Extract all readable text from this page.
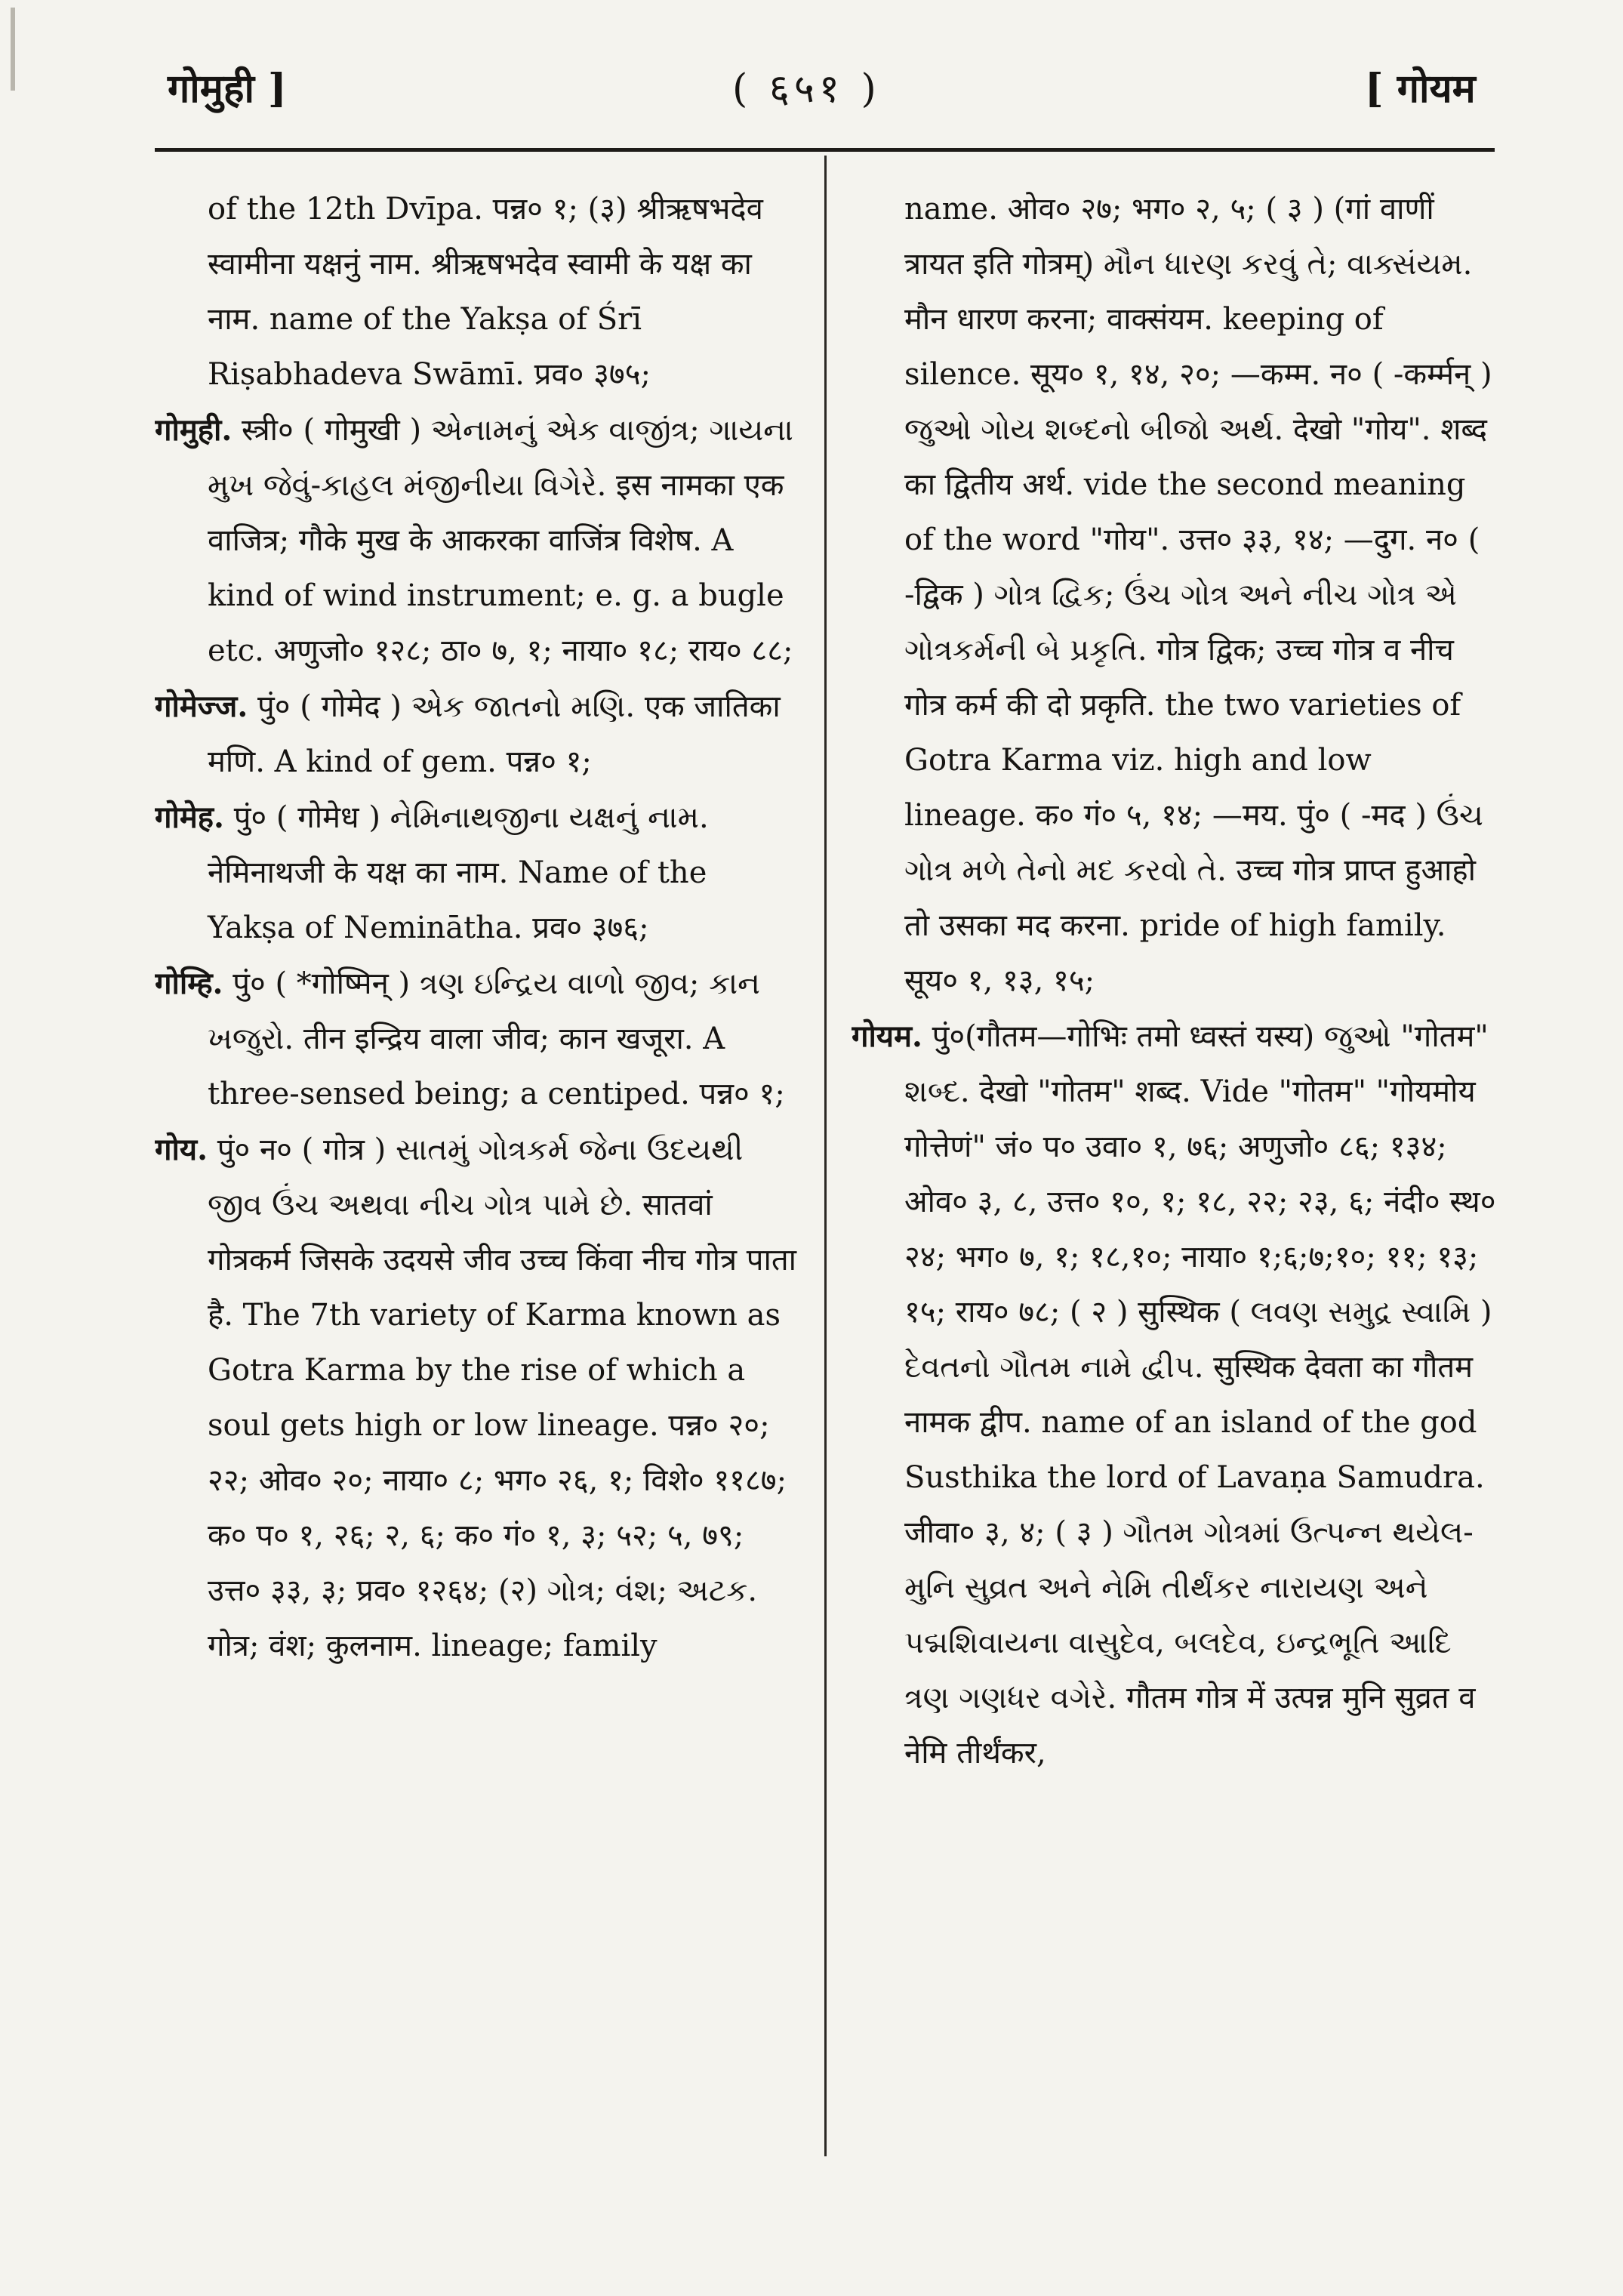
गोमुही ]	( ६५१ )	[ गोयम
of the 12th Dvīpa. पन्न० १; (३) श्रीऋषभदेव स्वामीना यक्षनुं नाम. श्रीऋषभदेव स्वामी के यक्ष का नाम. name of the Yakṣa of Śrī Riṣabhadeva Swāmī. प्रव० ३७५;
गोमुही. स्त्री० ( गोमुखी ) એનામનું એક વાજીંત્ર; ગાયના મુખ જેવું-કાહલ મંજીનીયા વિગેરે. इस नामका एक वाजित्र; गौके मुख के आकरका वाजिंत्र विशेष. A kind of wind instrument; e. g. a bugle etc. अणुजो० १२८; ठा० ७, १; नाया० १८; राय० ८८;
गोमेज्ज. पुं० ( गोमेद ) એક જાતનો મણિ. एक जातिका मणि. A kind of gem. पन्न० १;
गोमेह. पुं० ( गोमेध ) નેમિનાથજીના યક્ષનું નામ. नेमिनाथजी के यक्ष का नाम. Name of the Yakṣa of Neminātha. प्रव० ३७६;
गोम्हि. पुं० ( *गोष्मिन् ) ત્રણ ઇન્દ્રિય વાળો જીવ; કાન ખજુરો. तीन इन्द्रिय वाला जीव; कान खजूरा. A three-sensed being; a centiped. पन्न० १;
गोय. पुं० न० ( गोत्र ) સાતમું ગોત્રકર્મ જેના ઉદયથી જીવ ઉંચ અથવા નીચ ગોત્ર પામે છે. सातवां गोत्रकर्म जिसके उदयसे जीव उच्च किंवा नीच गोत्र पाता है. The 7th variety of Karma known as Gotra Karma by the rise of which a soul gets high or low lineage. पन्न० २०; २२; ओव० २०; नाया० ८; भग० २६, १; विशे० ११८७; क० प० १, २६; २, ६; क० गं० १, ३; ५२; ५, ७९; उत्त० ३३, ३; प्रव० १२६४; (२) ગોત્ર; વંશ; અટક. गोत्र; वंश; कुलनाम. lineage; family
name. ओव० २७; भग० २, ५; ( ३ ) (गां वाणीं त्रायत इति गोत्रम्) મૌન ધારણ કરવું તે; વાક્સંયમ. मौन धारण करना; वाक्संयम. keeping of silence. सूय० १, १४, २०; —कम्म. न० ( -कर्म्मन् ) જુઓ ગોય શબ્દનો બીજો અર્થ. देखो "गोय". शब्द का द्वितीय अर्थ. vide the second meaning of the word "गोय". उत्त० ३३, १४; —दुग. न० ( -द्विक ) ગોત્ર દ્વિક; ઉંચ ગોત્ર અને નીચ ગોત્ર એ ગોત્રકર્મની બે પ્રકૃતિ. गोत्र द्विक; उच्च गोत्र व नीच गोत्र कर्म की दो प्रकृति. the two varieties of Gotra Karma viz. high and low lineage. क० गं० ५, १४; —मय. पुं० ( -मद ) ઉંચ ગોત્ર મળે તેનો મદ કરવો તે. उच्च गोत्र प्राप्त हुआहो तो उसका मद करना. pride of high family. सूय० १, १३, १५;
गोयम. पुं०(गौतम—गोभिः तमो ध्वस्तं यस्य) જુઓ "गोतम" શબ્દ. देखो "गोतम" शब्द. Vide "गोतम" "गोयमोय गोत्तेणं" जं० प० उवा० १, ७६; अणुजो० ८६; १३४; ओव० ३, ८, उत्त० १०, १; १८, २२; २३, ६; नंदी० स्थ० २४; भग० ७, १; १८,१०; नाया० १;६;७;१०; ११; १३; १५; राय० ७८; ( २ ) सुस्थिक ( લવણ સમુદ્ર સ્વામિ ) દેવતનો ગૌતમ નામે દ્વીપ. सुस्थिक देवता का गौतम नामक द्वीप. name of an island of the god Susthika the lord of Lavaṇa Samudra. जीवा० ३, ४; ( ३ ) ગૌતમ ગોત્રમાં ઉત્પન્ન થયેલ-મુનિ સુવ્રત અને નેમિ તીર્થંકર નારાયણ અને પદ્મશિવાયના વાસુદેવ, બલદેવ, ઇન્દ્રભૂતિ આદિ ત્રણ ગણધર વગેરે. गौतम गोत्र में उत्पन्न मुनि सुव्रत व नेमि तीर्थंकर,
